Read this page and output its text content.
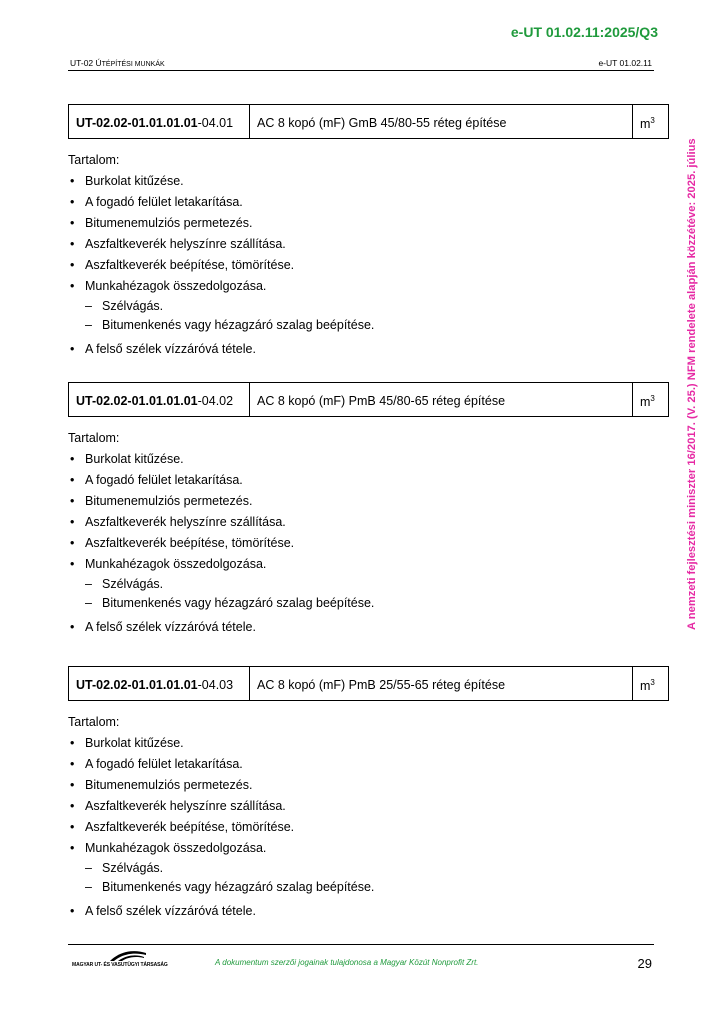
e-UT 01.02.11:2025/Q3
UT-02 ÚTÉPÍTÉSI MUNKÁK	e-UT 01.02.11
A nemzeti fejlesztési miniszter 16/2017. (V. 25.) NFM rendelete alapján közzétéve: 2025. július
UT-02.02-01.01.01.01-04.01	AC 8 kopó (mF) GmB 45/80-55 réteg építése	$m^3$
Tartalom:
• Burkolat kitűzése.
• A fogadó felület letakarítása.
• Bitumenemulziós permetezés.
• Aszfaltkeverék helyszínre szállítása.
• Aszfaltkeverék beépítése, tömörítése.
• Munkahézagok összedolgozása.
– Szélvágás.
– Bitumenkenés vagy hézagzáró szalag beépítése.
• A felső szélek vízzáróvá tétele.
UT-02.02-01.01.01.01-04.02	AC 8 kopó (mF) PmB 45/80-65 réteg építése	$m^3$
Tartalom:
• Burkolat kitűzése.
• A fogadó felület letakarítása.
• Bitumenemulziós permetezés.
• Aszfaltkeverék helyszínre szállítása.
• Aszfaltkeverék beépítése, tömörítése.
• Munkahézagok összedolgozása.
– Szélvágás.
– Bitumenkenés vagy hézagzáró szalag beépítése.
• A felső szélek vízzáróvá tétele.
UT-02.02-01.01.01.01-04.03	AC 8 kopó (mF) PmB 25/55-65 réteg építése	$m^3$
Tartalom:
• Burkolat kitűzése.
• A fogadó felület letakarítása.
• Bitumenemulziós permetezés.
• Aszfaltkeverék helyszínre szállítása.
• Aszfaltkeverék beépítése, tömörítése.
• Munkahézagok összedolgozása.
– Szélvágás.
– Bitumenkenés vagy hézagzáró szalag beépítése.
• A felső szélek vízzáróvá tétele.
MAGYAR UT- ÉS VASUTÜGYI TÁRSASÁG	A dokumentum szerzői jogainak tulajdonosa a Magyar Közút Nonprofit Zrt.	29
